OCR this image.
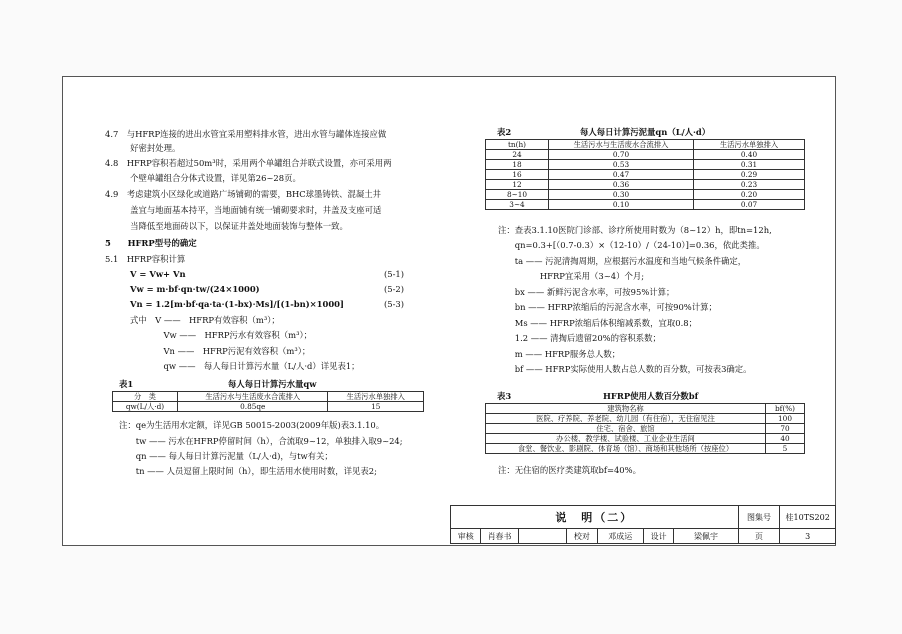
4.7　与HFRP连接的进出水管宜采用塑料排水管，进出水管与罐体连接应做
　　　好密封处理。
4.8　HFRP容积若超过50m³时，采用两个单罐组合并联式设置，亦可采用两
　　　个壁单罐组合分体式设置，详见第26~28页。
4.9　考虑建筑小区绿化或道路广场铺砌的需要，BHC球墨铸铁、混凝土井
　　　盖宜与地面基本持平，当地面铺有统一铺砌要求时，井盖及支座可适
　　　当降低至地面砖以下，以保证井盖处地面装饰与整体一致。
5　　HFRP型号的确定
5.1　HFRP容积计算
V = Vw+ Vn	(5-1)
Vw = m·bf·qn·tw/(24×1000)	(5-2)
Vn = 1.2[m·bf·qa·ta·(1-bx)·Ms]/[(1-bn)×1000]	(5-3)
式中　V ——　HFRP有效容积（m³）；
　　　　Vw ——　HFRP污水有效容积（m³）；
　　　　Vn ——　HFRP污泥有效容积（m³）；
　　　　qw ——　每人每日计算污水量（L/人·d）详见表1；
表1	每人每日计算污水量qw
分　类	生活污水与生活废水合流排入	生活污水单独排入
qw(L/人·d)	0.85qe	15
注：qe为生活用水定额，详见GB 50015-2003(2009年版)表3.1.10。
　　tw —— 污水在HFRP停留时间（h），合流取9~12，单独排入取9~24;
　　qn —— 每人每日计算污泥量（L/人·d)，与tw有关；
　　tn —— 人员逗留上限时间（h），即生活用水使用时数，详见表2;
表2	每人每日计算污泥量qn（L/人·d）
tn(h)	生活污水与生活废水合流排入	生活污水单独排入
24	0.70	0.40
18	0.53	0.31
16	0.47	0.29
12	0.36	0.23
8~10	0.30	0.20
3~4	0.10	0.07
注：查表3.1.10医院门诊部、诊疗所使用时数为（8~12）h，即tn=12h,
　　qn=0.3+[（0.7-0.3）×（12-10）/（24-10）]=0.36，依此类推。
　　ta —— 污泥清掏周期，应根据污水温度和当地气候条件确定，
　　　　　HFRP宜采用（3~4）个月;
　　bx —— 新鲜污泥含水率，可按95%计算；
　　bn —— HFRP浓缩后的污泥含水率，可按90%计算；
　　Ms —— HFRP浓缩后体积缩减系数，宜取0.8；
　　1.2 —— 清掏后遗留20%的容积系数；
　　m —— HFRP服务总人数；
　　bf —— HFRP实际使用人数占总人数的百分数，可按表3确定。
表3	HFRP使用人数百分数bf
建筑物名称	bf(%)
医院、疗养院、养老院、幼儿园（有住宿），无住宿见注	100
住宅、宿舍、旅馆	70
办公楼、教学楼、试验楼、工业企业生活间	40
食堂、餐饮业、影剧院、体育场（馆）、商场和其他场所（按座位）	5
注：无住宿的医疗类建筑取bf=40%。
说　明（二）							图集号	桂10TS202
审核	肖春书		校对	邓成运	设计	梁佩宇	页	3
